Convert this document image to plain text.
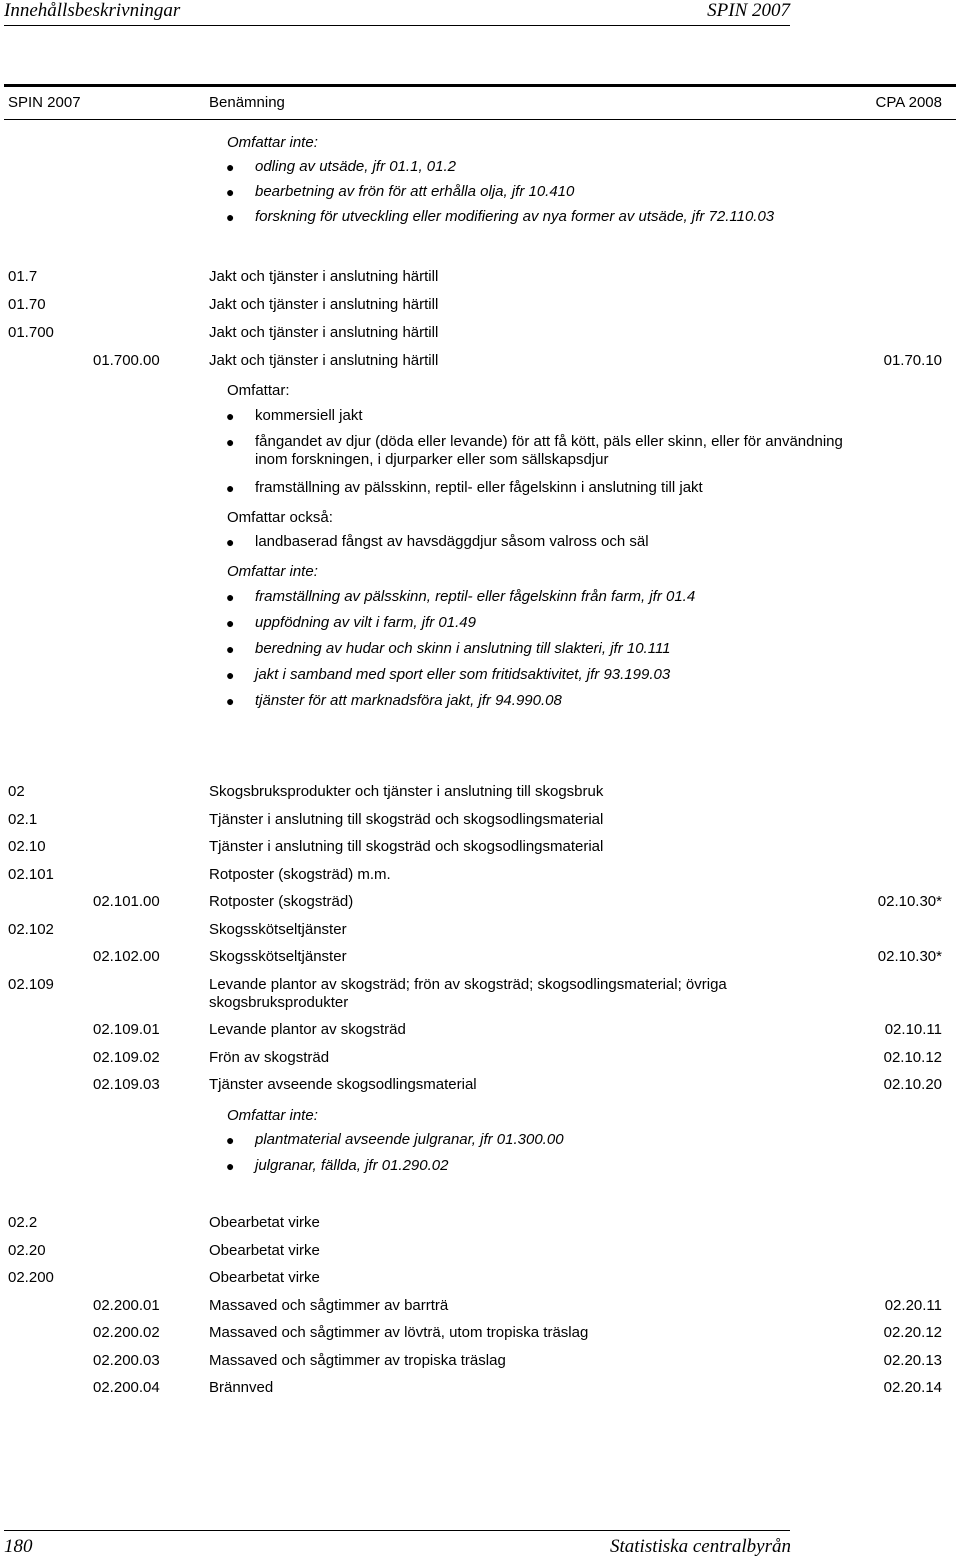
Innehållsbeskrivningar	SPIN 2007
SPIN 2007	Benämning	CPA 2008
Omfattar inte:
● odling av utsäde, jfr 01.1, 01.2
● bearbetning av frön för att erhålla olja, jfr 10.410
● forskning för utveckling eller modifiering av nya former av utsäde, jfr 72.110.03
01.7	Jakt och tjänster i anslutning härtill
01.70	Jakt och tjänster i anslutning härtill
01.700	Jakt och tjänster i anslutning härtill
01.700.00	Jakt och tjänster i anslutning härtill	01.70.10
Omfattar:
● kommersiell jakt
● fångandet av djur (döda eller levande) för att få kött, päls eller skinn, eller för användning inom forskningen, i djurparker eller som sällskapsdjur
● framställning av pälsskinn, reptil- eller fågelskinn i anslutning till jakt
Omfattar också:
● landbaserad fångst av havsdäggdjur såsom valross och säl
Omfattar inte:
● framställning av pälsskinn, reptil- eller fågelskinn från farm, jfr 01.4
● uppfödning av vilt i farm, jfr 01.49
● beredning av hudar och skinn i anslutning till slakteri, jfr 10.111
● jakt i samband med sport eller som fritidsaktivitet, jfr 93.199.03
● tjänster för att marknadsföra jakt, jfr 94.990.08
02	Skogsbruksprodukter och tjänster i anslutning till skogsbruk
02.1	Tjänster i anslutning till skogsträd och skogsodlingsmaterial
02.10	Tjänster i anslutning till skogsträd och skogsodlingsmaterial
02.101	Rotposter (skogsträd) m.m.
02.101.00	Rotposter (skogsträd)	02.10.30*
02.102	Skogsskötseltjänster
02.102.00	Skogsskötseltjänster	02.10.30*
02.109	Levande plantor av skogsträd; frön av skogsträd; skogsodlingsmaterial; övriga
skogsbruksprodukter
02.109.01	Levande plantor av skogsträd	02.10.11
02.109.02	Frön av skogsträd	02.10.12
02.109.03	Tjänster avseende skogsodlingsmaterial	02.10.20
Omfattar inte:
● plantmaterial avseende julgranar, jfr 01.300.00
● julgranar, fällda, jfr 01.290.02
02.2	Obearbetat virke
02.20	Obearbetat virke
02.200	Obearbetat virke
02.200.01	Massaved och sågtimmer av barrträ	02.20.11
02.200.02	Massaved och sågtimmer av lövträ, utom tropiska träslag	02.20.12
02.200.03	Massaved och sågtimmer av tropiska träslag	02.20.13
02.200.04	Brännved	02.20.14
180	Statistiska centralbyrån
